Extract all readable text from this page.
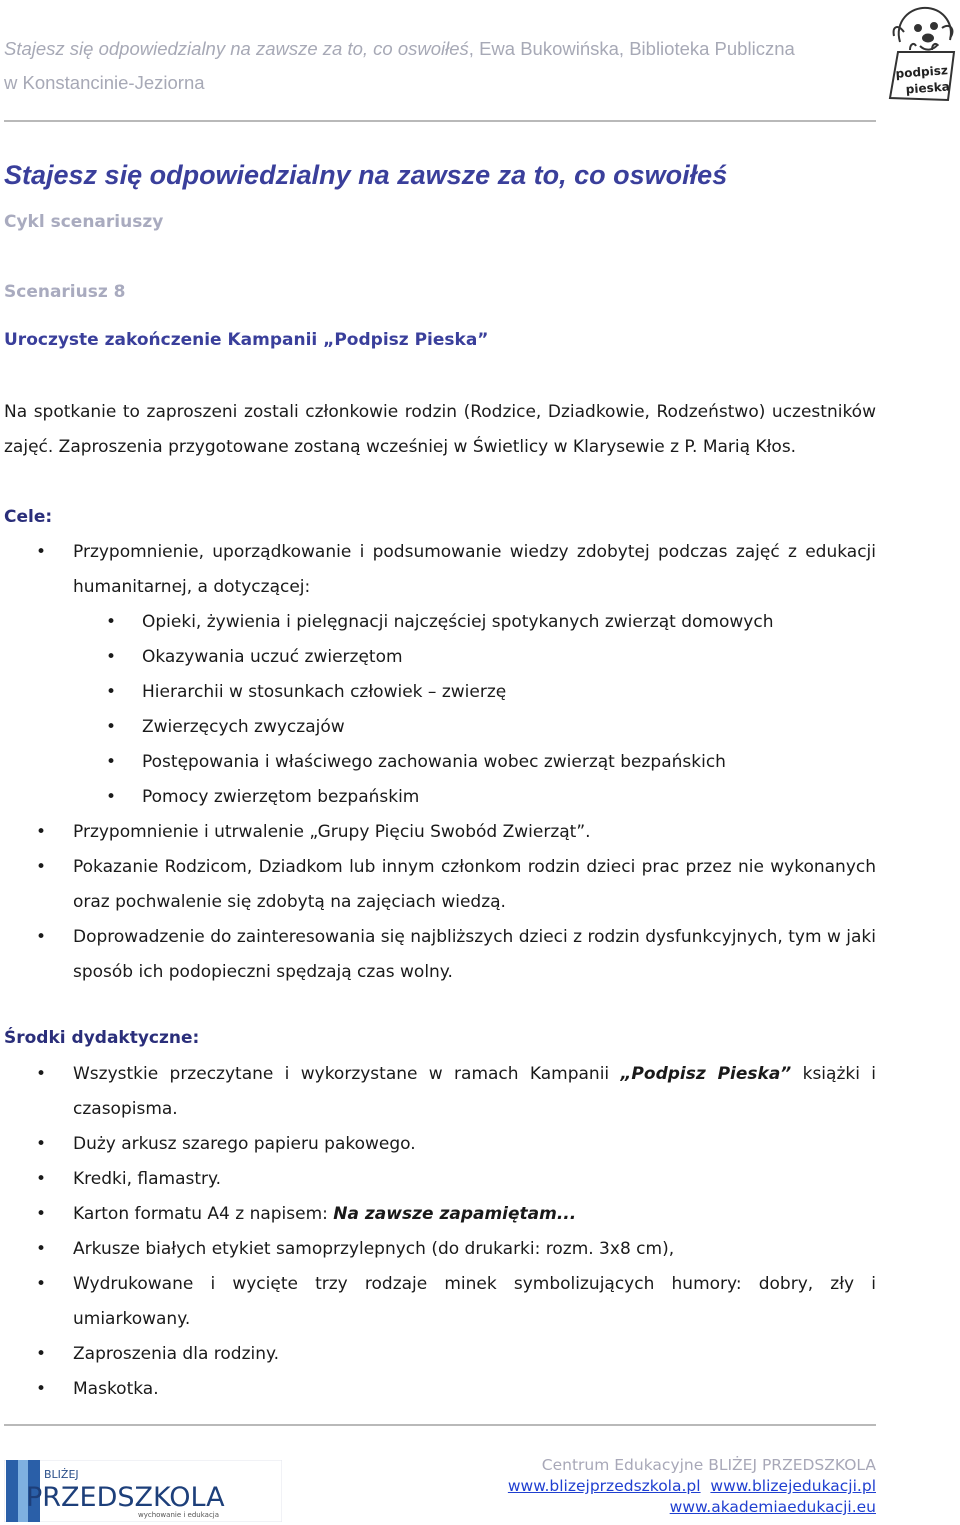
Stajesz się odpowiedzialny na zawsze za to, co oswoiłeś, Ewa Bukowińska, Biblioteka Publiczna
w Konstancinie-Jeziorna	podpisz
pieska
Stajesz się odpowiedzialny na zawsze za to, co oswoiłeś
Cykl scenariuszy
Scenariusz 8
Uroczyste zakończenie Kampanii „Podpisz Pieska”
Na spotkanie to zaproszeni zostali członkowie rodzin (Rodzice, Dziadkowie, Rodzeństwo) uczestników zajęć. Zaproszenia przygotowane zostaną wcześniej w Świetlicy w Klarysewie z P. Marią Kłos.
Cele:
• Przypomnienie, uporządkowanie i podsumowanie wiedzy zdobytej podczas zajęć z edukacji humanitarnej, a dotyczącej:
• Opieki, żywienia i pielęgnacji najczęściej spotykanych zwierząt domowych
• Okazywania uczuć zwierzętom
• Hierarchii w stosunkach człowiek – zwierzę
• Zwierzęcych zwyczajów
• Postępowania i właściwego zachowania wobec zwierząt bezpańskich
• Pomocy zwierzętom bezpańskim
• Przypomnienie i utrwalenie „Grupy Pięciu Swobód Zwierząt”.
• Pokazanie Rodzicom, Dziadkom lub innym członkom rodzin dzieci prac przez nie wykonanych oraz pochwalenie się zdobytą na zajęciach wiedzą.
• Doprowadzenie do zainteresowania się najbliższych dzieci z rodzin dysfunkcyjnych, tym w jaki sposób ich podopieczni spędzają czas wolny.
Środki dydaktyczne:
• Wszystkie przeczytane i wykorzystane w ramach Kampanii „Podpisz Pieska” książki i czasopisma.
• Duży arkusz szarego papieru pakowego.
• Kredki, flamastry.
• Karton formatu A4 z napisem: Na zawsze zapamiętam...
• Arkusze białych etykiet samoprzylepnych (do drukarki: rozm. 3x8 cm),
• Wydrukowane i wycięte trzy rodzaje minek symbolizujących humory: dobry, zły i umiarkowany.
• Zaproszenia dla rodziny.
• Maskotka.
BLIŻEJ
PRZEDSZKOLA
wychowanie i edukacja
Centrum Edukacyjne BLIŻEJ PRZEDSZKOLA
www.blizejprzedszkola.pl www.blizejedukacji.pl
www.akademiaedukacji.eu
